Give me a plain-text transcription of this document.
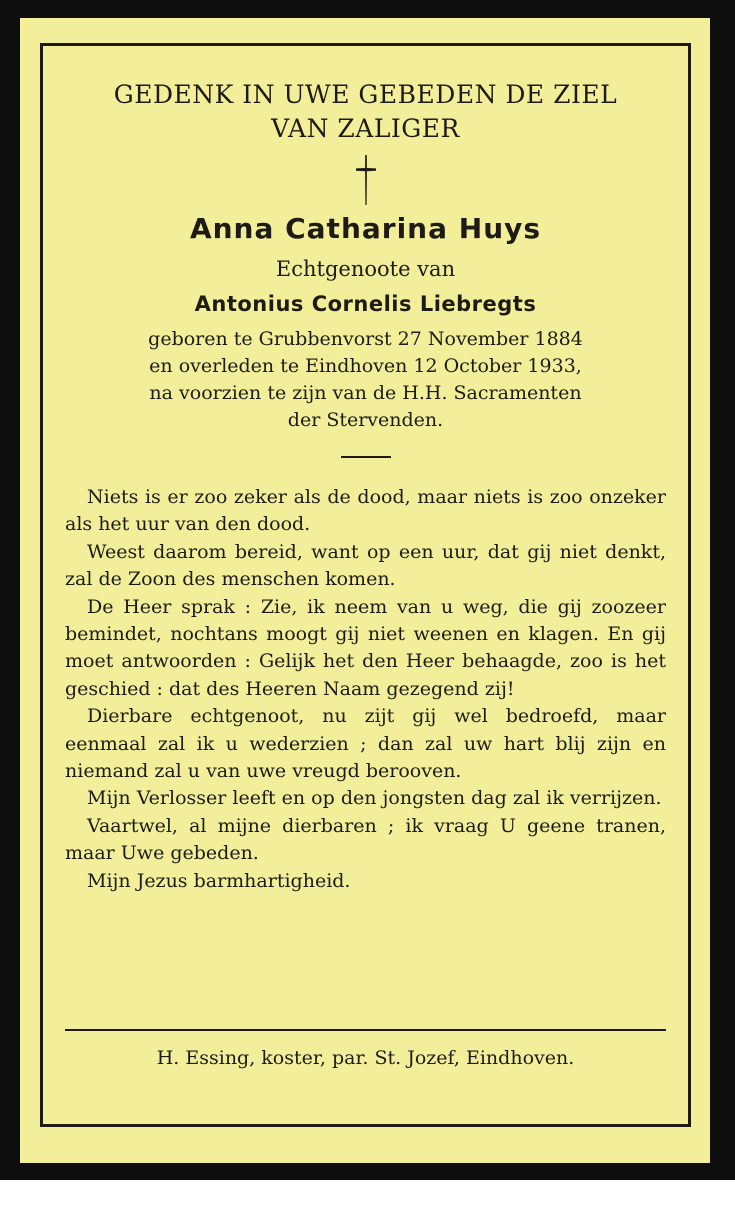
GEDENK IN UWE GEBEDEN DE ZIEL
VAN ZALIGER
Anna Catharina Huys
Echtgenoote van
Antonius Cornelis Liebregts
geboren te Grubbenvorst 27 November 1884
en overleden te Eindhoven 12 October 1933,
na voorzien te zijn van de H.H. Sacramenten
der Stervenden.

Niets is er zoo zeker als de dood, maar niets is zoo onzeker als het uur van den dood.

Weest daarom bereid, want op een uur, dat gij niet denkt, zal de Zoon des menschen komen.

De Heer sprak : Zie, ik neem van u weg, die gij zoozeer bemindet, nochtans moogt gij niet weenen en klagen. En gij moet antwoorden : Gelijk het den Heer behaagde, zoo is het geschied : dat des Heeren Naam gezegend zij!

Dierbare echtgenoot, nu zijt gij wel bedroefd, maar eenmaal zal ik u wederzien ; dan zal uw hart blij zijn en niemand zal u van uwe vreugd berooven.

Mijn Verlosser leeft en op den jongsten dag zal ik verrijzen.

Vaartwel, al mijne dierbaren ; ik vraag U geene tranen, maar Uwe gebeden.

Mijn Jezus barmhartigheid.

H. Essing, koster, par. St. Jozef, Eindhoven.
